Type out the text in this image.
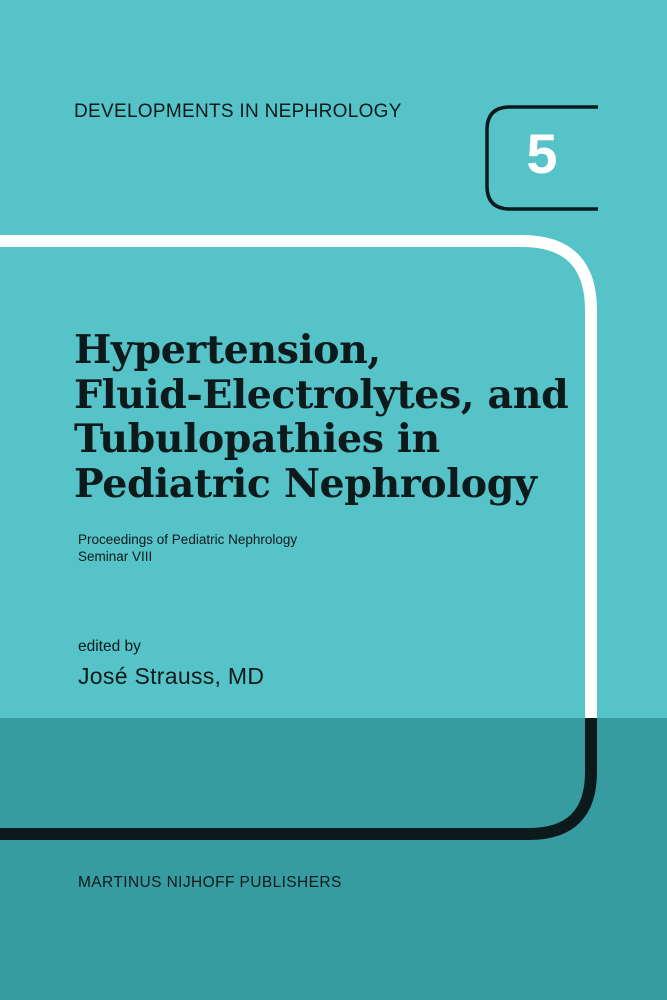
DEVELOPMENTS IN NEPHROLOGY
5
Hypertension,
Fluid-Electrolytes, and
Tubulopathies in
Pediatric Nephrology
Proceedings of Pediatric Nephrology
Seminar VIII
edited by
José Strauss, MD
MARTINUS NIJHOFF PUBLISHERS
